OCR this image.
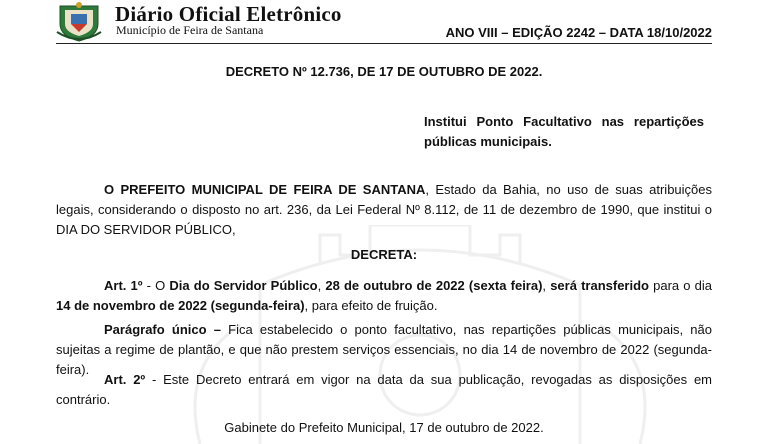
Diário Oficial Eletrônico
Município de Feira de Santana	ANO VIII – EDIÇÃO 2242 – DATA 18/10/2022
DECRETO Nº 12.736, DE 17 DE OUTUBRO DE 2022.
Institui Ponto Facultativo nas repartições públicas municipais.
O PREFEITO MUNICIPAL DE FEIRA DE SANTANA, Estado da Bahia, no uso de suas atribuições legais, considerando o disposto no art. 236, da Lei Federal Nº 8.112, de 11 de dezembro de 1990, que institui o DIA DO SERVIDOR PÚBLICO,
DECRETA:
Art. 1º - O Dia do Servidor Público, 28 de outubro de 2022 (sexta feira), será transferido para o dia 14 de novembro de 2022 (segunda-feira), para efeito de fruição.
Parágrafo único – Fica estabelecido o ponto facultativo, nas repartições públicas municipais, não sujeitas a regime de plantão, e que não prestem serviços essenciais, no dia 14 de novembro de 2022 (segunda-feira).
Art. 2º - Este Decreto entrará em vigor na data da sua publicação, revogadas as disposições em contrário.
Gabinete do Prefeito Municipal, 17 de outubro de 2022.
